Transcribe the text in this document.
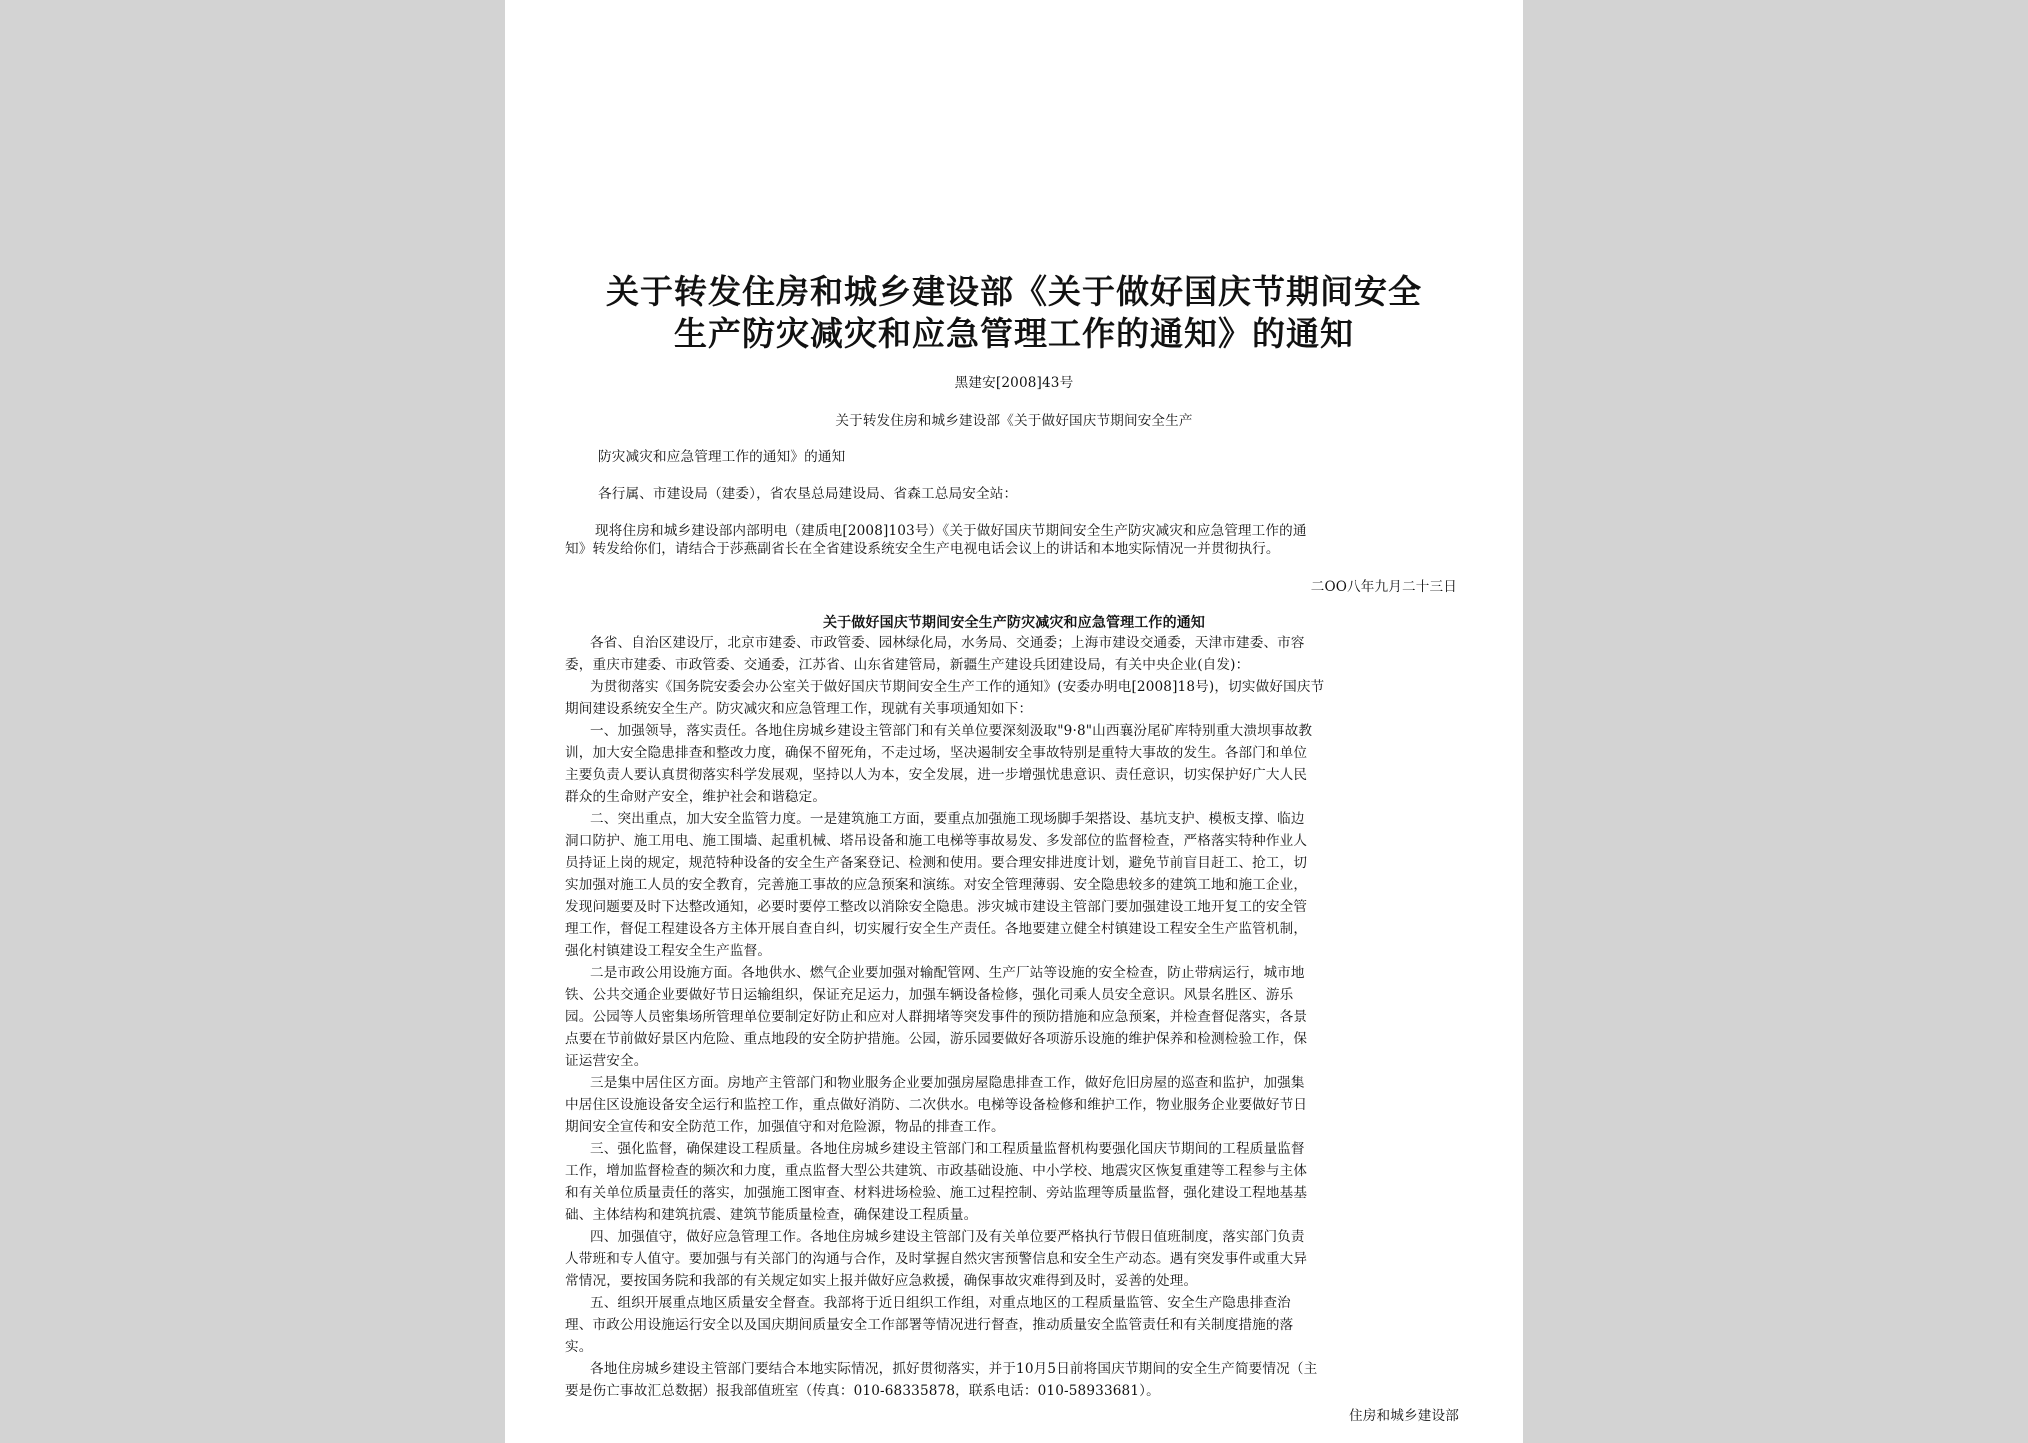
关于转发住房和城乡建设部《关于做好国庆节期间安全
生产防灾减灾和应急管理工作的通知》的通知
黑建安[2008]43号
关于转发住房和城乡建设部《关于做好国庆节期间安全生产
防灾减灾和应急管理工作的通知》的通知
各行属、市建设局（建委），省农垦总局建设局、省森工总局安全站：
现将住房和城乡建设部内部明电（建质电[2008]103号）《关于做好国庆节期间安全生产防灾减灾和应急管理工作的通
知》转发给你们，请结合于莎燕副省长在全省建设系统安全生产电视电话会议上的讲话和本地实际情况一并贯彻执行。
二OO八年九月二十三日
关于做好国庆节期间安全生产防灾减灾和应急管理工作的通知
各省、自治区建设厅，北京市建委、市政管委、园林绿化局，水务局、交通委；上海市建设交通委，天津市建委、市容
委，重庆市建委、市政管委、交通委，江苏省、山东省建管局，新疆生产建设兵团建设局，有关中央企业(自发)：
为贯彻落实《国务院安委会办公室关于做好国庆节期间安全生产工作的通知》(安委办明电[2008]18号)，切实做好国庆节
期间建设系统安全生产。防灾减灾和应急管理工作，现就有关事项通知如下：
一、加强领导，落实责任。各地住房城乡建设主管部门和有关单位要深刻汲取"9·8"山西襄汾尾矿库特别重大溃坝事故教
训，加大安全隐患排查和整改力度，确保不留死角，不走过场，坚决遏制安全事故特别是重特大事故的发生。各部门和单位
主要负责人要认真贯彻落实科学发展观，坚持以人为本，安全发展，进一步增强忧患意识、责任意识，切实保护好广大人民
群众的生命财产安全，维护社会和谐稳定。
二、突出重点，加大安全监管力度。一是建筑施工方面，要重点加强施工现场脚手架搭设、基坑支护、模板支撑、临边
洞口防护、施工用电、施工围墙、起重机械、塔吊设备和施工电梯等事故易发、多发部位的监督检查，严格落实特种作业人
员持证上岗的规定，规范特种设备的安全生产备案登记、检测和使用。要合理安排进度计划，避免节前盲目赶工、抢工，切
实加强对施工人员的安全教育，完善施工事故的应急预案和演练。对安全管理薄弱、安全隐患较多的建筑工地和施工企业，
发现问题要及时下达整改通知，必要时要停工整改以消除安全隐患。涉灾城市建设主管部门要加强建设工地开复工的安全管
理工作，督促工程建设各方主体开展自查自纠，切实履行安全生产责任。各地要建立健全村镇建设工程安全生产监管机制，
强化村镇建设工程安全生产监督。
二是市政公用设施方面。各地供水、燃气企业要加强对输配管网、生产厂站等设施的安全检查，防止带病运行，城市地
铁、公共交通企业要做好节日运输组织，保证充足运力，加强车辆设备检修，强化司乘人员安全意识。风景名胜区、游乐
园。公园等人员密集场所管理单位要制定好防止和应对人群拥堵等突发事件的预防措施和应急预案，并检查督促落实，各景
点要在节前做好景区内危险、重点地段的安全防护措施。公园，游乐园要做好各项游乐设施的维护保养和检测检验工作，保
证运营安全。
三是集中居住区方面。房地产主管部门和物业服务企业要加强房屋隐患排查工作，做好危旧房屋的巡查和监护，加强集
中居住区设施设备安全运行和监控工作，重点做好消防、二次供水。电梯等设备检修和维护工作，物业服务企业要做好节日
期间安全宣传和安全防范工作，加强值守和对危险源，物品的排查工作。
三、强化监督，确保建设工程质量。各地住房城乡建设主管部门和工程质量监督机构要强化国庆节期间的工程质量监督
工作，增加监督检查的频次和力度，重点监督大型公共建筑、市政基础设施、中小学校、地震灾区恢复重建等工程参与主体
和有关单位质量责任的落实，加强施工图审查、材料进场检验、施工过程控制、旁站监理等质量监督，强化建设工程地基基
础、主体结构和建筑抗震、建筑节能质量检查，确保建设工程质量。
四、加强值守，做好应急管理工作。各地住房城乡建设主管部门及有关单位要严格执行节假日值班制度，落实部门负责
人带班和专人值守。要加强与有关部门的沟通与合作，及时掌握自然灾害预警信息和安全生产动态。遇有突发事件或重大异
常情况，要按国务院和我部的有关规定如实上报并做好应急救援，确保事故灾难得到及时，妥善的处理。
五、组织开展重点地区质量安全督查。我部将于近日组织工作组，对重点地区的工程质量监管、安全生产隐患排查治
理、市政公用设施运行安全以及国庆期间质量安全工作部署等情况进行督查，推动质量安全监管责任和有关制度措施的落
实。
各地住房城乡建设主管部门要结合本地实际情况，抓好贯彻落实，并于10月5日前将国庆节期间的安全生产简要情况（主
要是伤亡事故汇总数据）报我部值班室（传真：010-68335878，联系电话：010-58933681）。
住房和城乡建设部
